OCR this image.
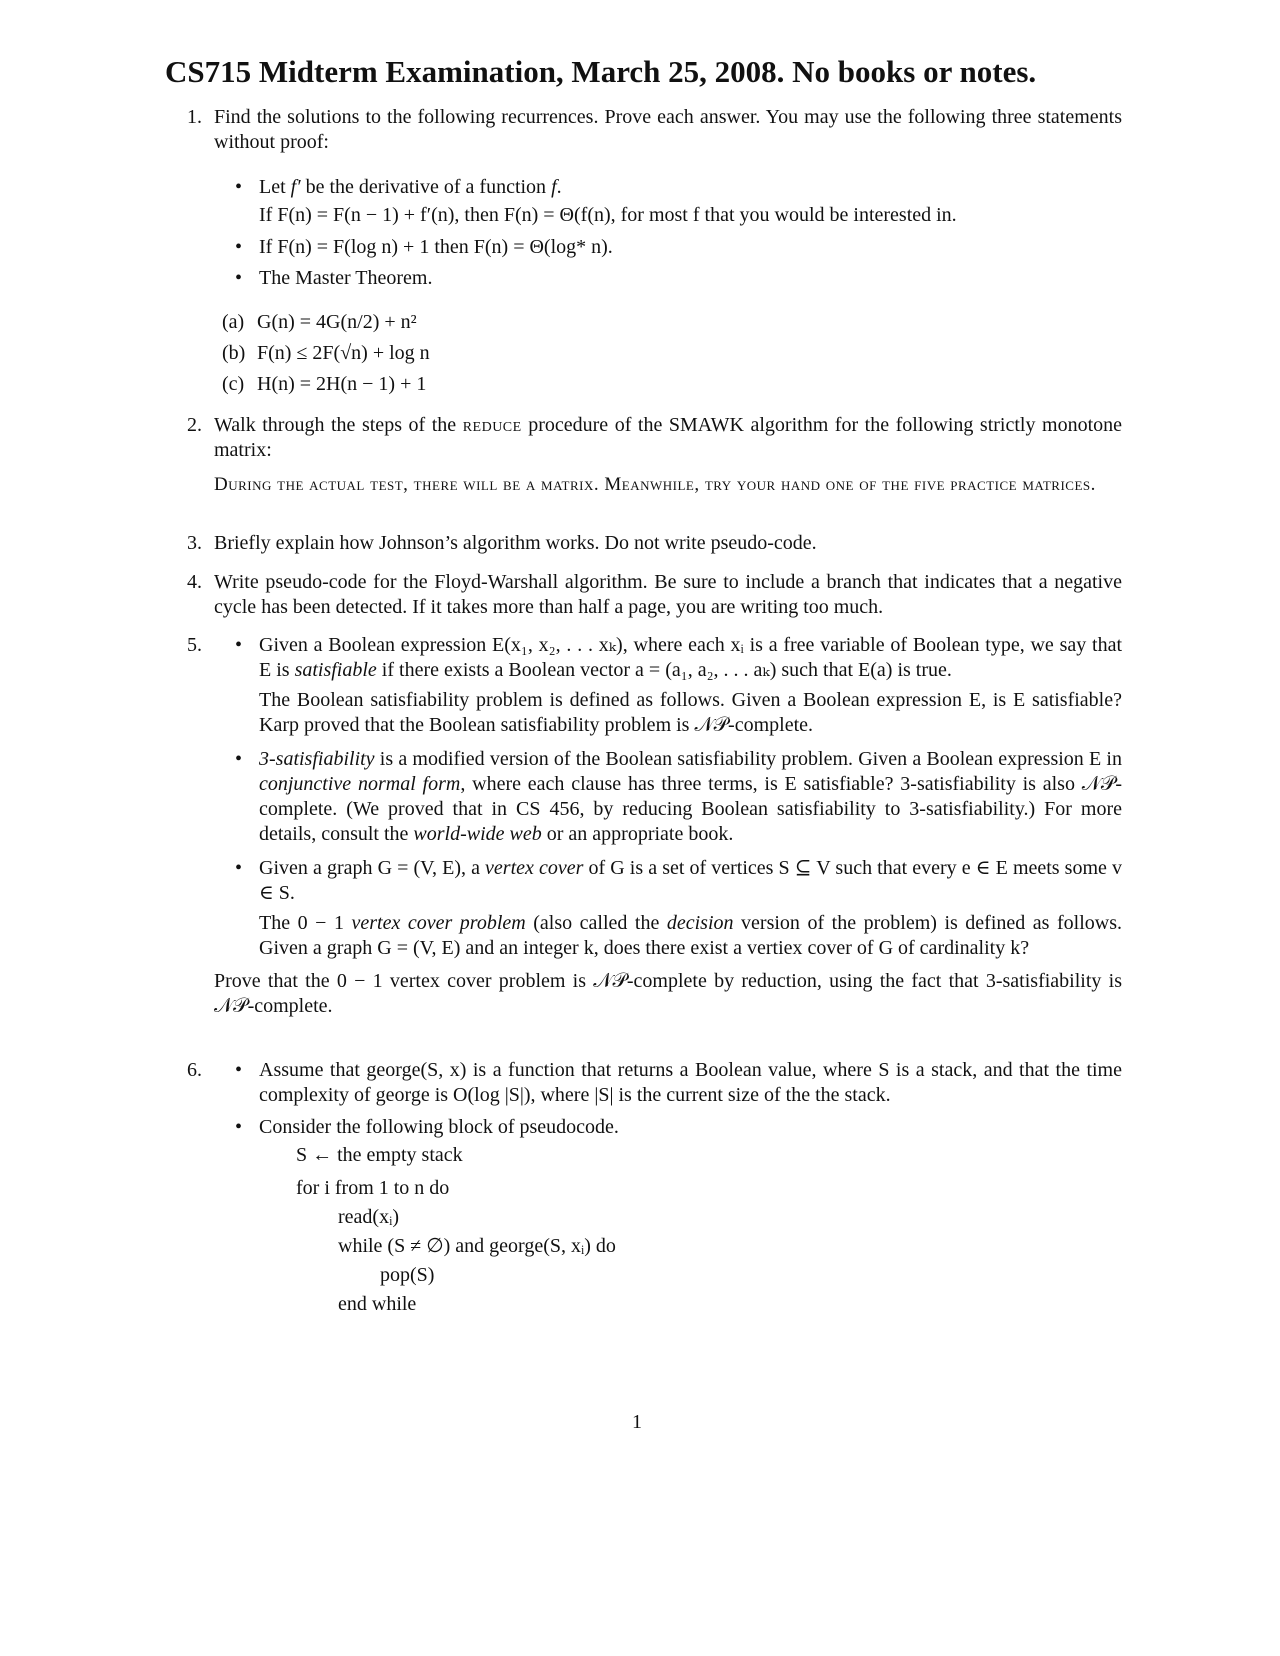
CS715 Midterm Examination, March 25, 2008. No books or notes.
1. Find the solutions to the following recurrences. Prove each answer. You may use the following three statements without proof:

• Let f′ be the derivative of a function f.

If F(n) = F(n − 1) + f′(n), then F(n) = Θ(f(n), for most f that you would be interested in.

• If F(n) = F(log n) + 1 then F(n) = Θ(log* n).
• The Master Theorem.
(a) G(n) = 4G(n/2) + n²
(b) F(n) ≤ 2F(√n) + log n
(c) H(n) = 2H(n − 1) + 1
2. Walk through the steps of the reduce procedure of the SMAWK algorithm for the following strictly monotone matrix:
During the actual test, there will be a matrix. Meanwhile, try your hand one of the five practice matrices.
3. Briefly explain how Johnson’s algorithm works. Do not write pseudo-code.
4. Write pseudo-code for the Floyd-Warshall algorithm. Be sure to include a branch that indicates that a negative cycle has been detected. If it takes more than half a page, you are writing too much.
5.	• Given a Boolean expression E(x₁, x₂, . . . xₖ), where each xᵢ is a free variable of Boolean type, we say that E is satisfiable if there exists a Boolean vector a = (a₁, a₂, . . . aₖ) such that E(a) is true.

The Boolean satisfiability problem is defined as follows. Given a Boolean expression E, is E satisfiable? Karp proved that the Boolean satisfiability problem is 𝒩𝒫-complete.

• 3-satisfiability is a modified version of the Boolean satisfiability problem. Given a Boolean expression E in conjunctive normal form, where each clause has three terms, is E satisfiable? 3-satisfiability is also 𝒩𝒫-complete. (We proved that in CS 456, by reducing Boolean satisfiability to 3-satisfiability.) For more details, consult the world-wide web or an appropriate book.

• Given a graph G = (V, E), a vertex cover of G is a set of vertices S ⊆ V such that every e ∈ E meets some v ∈ S.

The 0 − 1 vertex cover problem (also called the decision version of the problem) is defined as follows. Given a graph G = (V, E) and an integer k, does there exist a vertiex cover of G of cardinality k?

Prove that the 0 − 1 vertex cover problem is 𝒩𝒫-complete by reduction, using the fact that 3-satisfiability is 𝒩𝒫-complete.
6.	• Assume that george(S, x) is a function that returns a Boolean value, where S is a stack, and that the time complexity of george is O(log |S|), where |S| is the current size of the the stack.
• Consider the following block of pseudocode.
S ← the empty stack
for i from 1 to n do
read(xᵢ)
while (S ≠ ∅) and george(S, xᵢ) do
pop(S)
end while
1
